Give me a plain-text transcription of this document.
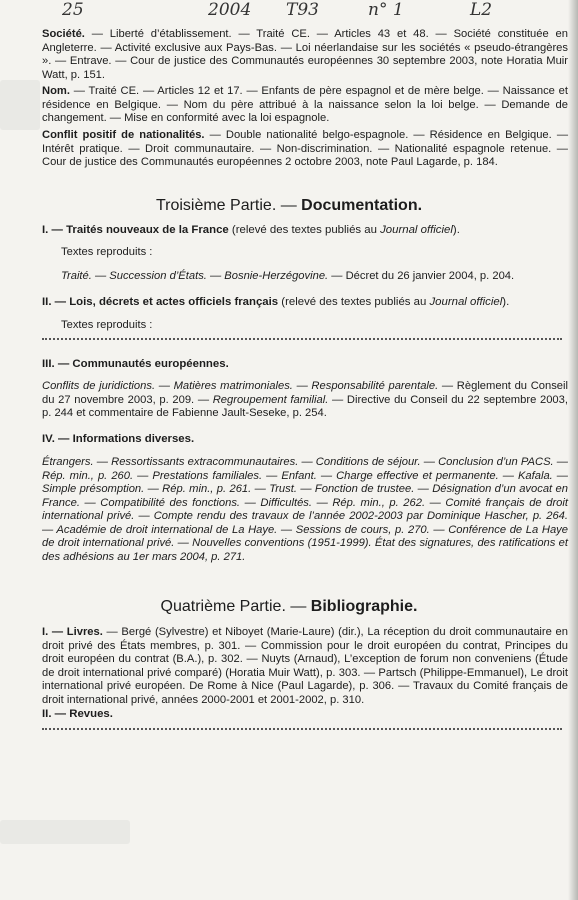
25	2004 T93	n° 1	L2

Société. — Liberté d’établissement. — Traité CE. — Articles 43 et 48. — Société constituée en Angleterre. — Activité exclusive aux Pays-Bas. — Loi néerlandaise sur les sociétés « pseudo-étrangères ». — Entrave. — Cour de justice des Communautés européennes 30 septembre 2003, note Horatia Muir Watt, p. 151.

Nom. — Traité CE. — Articles 12 et 17. — Enfants de père espagnol et de mère belge. — Naissance et résidence en Belgique. — Nom du père attribué à la naissance selon la loi belge. — Demande de changement. — Mise en conformité avec la loi espagnole.

Conflit positif de nationalités. — Double nationalité belgo-espagnole. — Résidence en Belgique. — Intérêt pratique. — Droit communautaire. — Non-discrimination. — Nationalité espagnole retenue. — Cour de justice des Communautés européennes 2 octobre 2003, note Paul Lagarde, p. 184.

Troisième Partie. — Documentation.

I. — Traités nouveaux de la France (relevé des textes publiés au Journal officiel).

Textes reproduits :

Traité. — Succession d’États. — Bosnie-Herzégovine. — Décret du 26 janvier 2004, p. 204.

II. — Lois, décrets et actes officiels français (relevé des textes publiés au Journal officiel).

Textes reproduits :

III. — Communautés européennes.

Conflits de juridictions. — Matières matrimoniales. — Responsabilité parentale. — Règlement du Conseil du 27 novembre 2003, p. 209. — Regroupement familial. — Directive du Conseil du 22 septembre 2003, p. 244 et commentaire de Fabienne Jault-Seseke, p. 254.

IV. — Informations diverses.

Étrangers. — Ressortissants extracommunautaires. — Conditions de séjour. — Conclusion d’un PACS. — Rép. min., p. 260. — Prestations familiales. — Enfant. — Charge effective et permanente. — Kafala. — Simple présomption. — Rép. min., p. 261. — Trust. — Fonction de trustee. — Désignation d’un avocat en France. — Compatibilité des fonctions. — Difficultés. — Rép. min., p. 262. — Comité français de droit international privé. — Compte rendu des travaux de l’année 2002-2003 par Dominique Hascher, p. 264. — Académie de droit international de La Haye. — Sessions de cours, p. 270. — Conférence de La Haye de droit international privé. — Nouvelles conventions (1951-1999). État des signatures, des ratifications et des adhésions au 1er mars 2004, p. 271.

Quatrième Partie. — Bibliographie.

I. — Livres. — Bergé (Sylvestre) et Niboyet (Marie-Laure) (dir.), La réception du droit communautaire en droit privé des États membres, p. 301. — Commission pour le droit européen du contrat, Principes du droit européen du contrat (B.A.), p. 302. — Nuyts (Arnaud), L’exception de forum non conveniens (Étude de droit international privé comparé) (Horatia Muir Watt), p. 303. — Partsch (Philippe-Emmanuel), Le droit international privé européen. De Rome à Nice (Paul Lagarde), p. 306. — Travaux du Comité français de droit international privé, années 2000-2001 et 2001-2002, p. 310.

II. — Revues.
